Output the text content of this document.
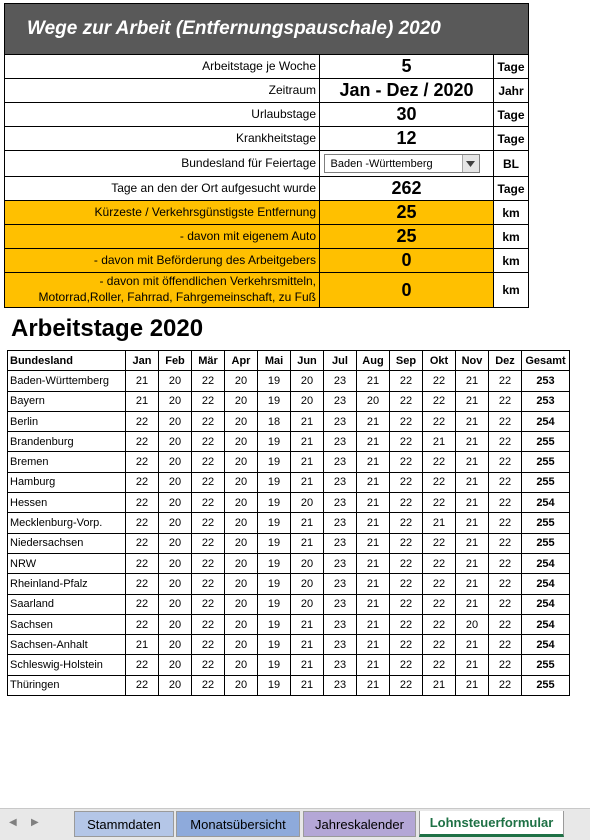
Wege zur Arbeit (Entfernungspauschale) 2020
Arbeitstage je Woche	5	Tage
Zeitraum	Jan - Dez / 2020	Jahr
Urlaubstage	30	Tage
Krankheitstage	12	Tage
Bundesland für Feiertage	Baden -Württemberg	BL
Tage an den der Ort aufgesucht wurde	262	Tage
Kürzeste / Verkehrsgünstigste Entfernung	25	km
- davon mit eigenem Auto	25	km
- davon mit Beförderung des Arbeitgebers	0	km
- davon mit öffendlichen Verkehrsmitteln,
Motorrad,Roller, Fahrrad, Fahrgemeinschaft, zu Fuß	0	km
Arbeitstage 2020
Bundesland	Jan	Feb	Mär	Apr	Mai	Jun	Jul	Aug	Sep	Okt	Nov	Dez	Gesamt
Baden-Württemberg	21	20	22	20	19	20	23	21	22	22	21	22	253
Bayern	21	20	22	20	19	20	23	20	22	22	21	22	253
Berlin	22	20	22	20	18	21	23	21	22	22	21	22	254
Brandenburg	22	20	22	20	19	21	23	21	22	21	21	22	255
Bremen	22	20	22	20	19	21	23	21	22	22	21	22	255
Hamburg	22	20	22	20	19	21	23	21	22	22	21	22	255
Hessen	22	20	22	20	19	20	23	21	22	22	21	22	254
Mecklenburg-Vorp.	22	20	22	20	19	21	23	21	22	21	21	22	255
Niedersachsen	22	20	22	20	19	21	23	21	22	22	21	22	255
NRW	22	20	22	20	19	20	23	21	22	22	21	22	254
Rheinland-Pfalz	22	20	22	20	19	20	23	21	22	22	21	22	254
Saarland	22	20	22	20	19	20	23	21	22	22	21	22	254
Sachsen	22	20	22	20	19	21	23	21	22	22	20	22	254
Sachsen-Anhalt	21	20	22	20	19	21	23	21	22	22	21	22	254
Schleswig-Holstein	22	20	22	20	19	21	23	21	22	22	21	22	255
Thüringen	22	20	22	20	19	21	23	21	22	21	21	22	255
◀ ▶	Stammdaten	Monatsübersicht	Jahreskalender	Lohnsteuerformular
